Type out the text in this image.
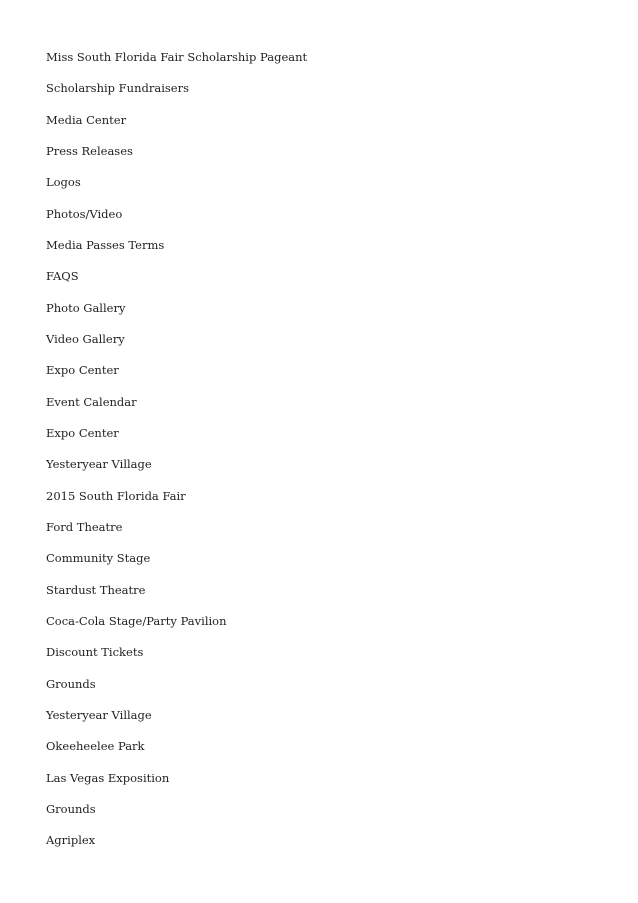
Miss South Florida Fair Scholarship Pageant
Scholarship Fundraisers
Media Center
Press Releases
Logos
Photos/Video
Media Passes Terms
FAQS
Photo Gallery
Video Gallery
Expo Center
Event Calendar
Expo Center
Yesteryear Village
2015 South Florida Fair
Ford Theatre
Community Stage
Stardust Theatre
Coca-Cola Stage/Party Pavilion
Discount Tickets
Grounds
Yesteryear Village
Okeeheelee Park
Las Vegas Exposition
Grounds
Agriplex
